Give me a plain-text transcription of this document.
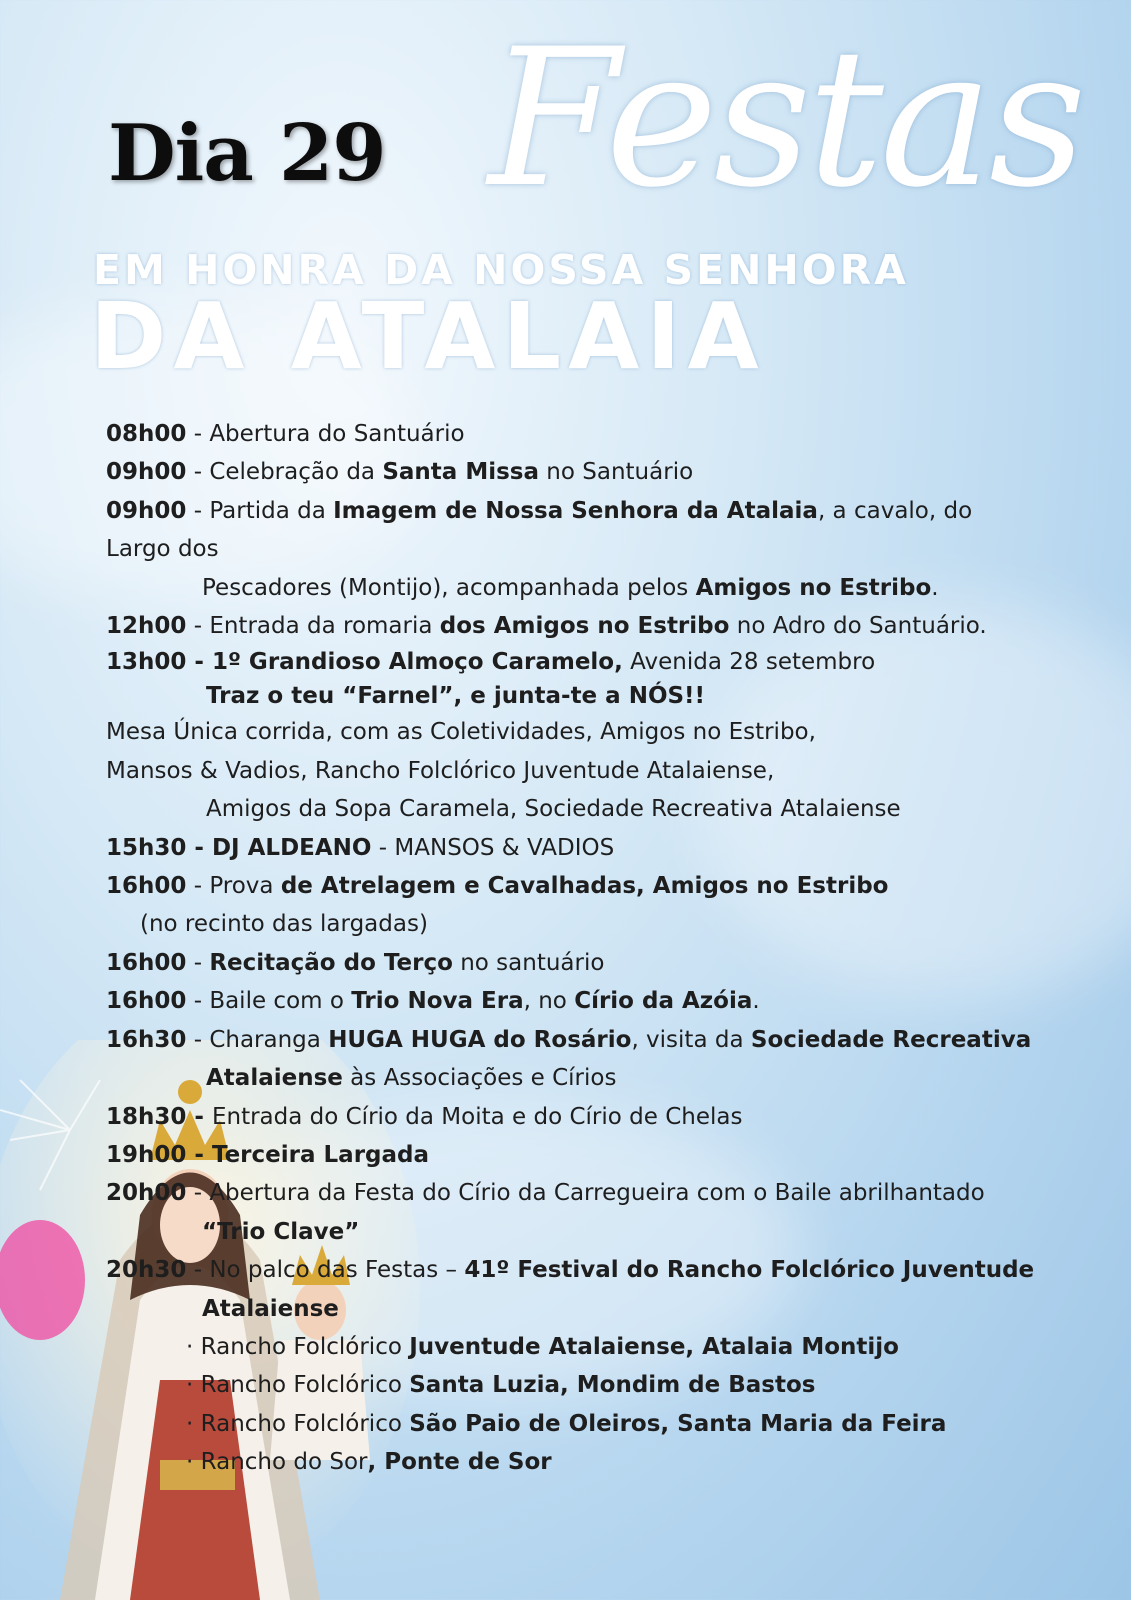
Dia 29 Festas
EM HONRA DA NOSSA SENHORA
DA ATALAIA
08h00 - Abertura do Santuário
09h00 - Celebração da Santa Missa no Santuário
09h00 - Partida da Imagem de Nossa Senhora da Atalaia, a cavalo, do
Largo dos
Pescadores (Montijo), acompanhada pelos Amigos no Estribo.
12h00 - Entrada da romaria dos Amigos no Estribo no Adro do Santuário.
13h00 - 1º Grandioso Almoço Caramelo, Avenida 28 setembro
Traz o teu “Farnel”, e junta-te a NÓS!!
Mesa Única corrida, com as Coletividades, Amigos no Estribo,
Mansos & Vadios, Rancho Folclórico Juventude Atalaiense,
Amigos da Sopa Caramela, Sociedade Recreativa Atalaiense
15h30 - DJ ALDEANO - MANSOS & VADIOS
16h00 - Prova de Atrelagem e Cavalhadas, Amigos no Estribo
(no recinto das largadas)
16h00 - Recitação do Terço no santuário
16h00 - Baile com o Trio Nova Era, no Círio da Azóia.
16h30 - Charanga HUGA HUGA do Rosário, visita da Sociedade Recreativa
Atalaiense às Associações e Círios
18h30 - Entrada do Círio da Moita e do Círio de Chelas
19h00 - Terceira Largada
20h00 - Abertura da Festa do Círio da Carregueira com o Baile abrilhantado
“Trio Clave”
20h30 - No palco das Festas – 41º Festival do Rancho Folclórico Juventude
Atalaiense
· Rancho Folclórico Juventude Atalaiense, Atalaia Montijo
· Rancho Folclórico Santa Luzia, Mondim de Bastos
· Rancho Folclórico São Paio de Oleiros, Santa Maria da Feira
· Rancho do Sor, Ponte de Sor
